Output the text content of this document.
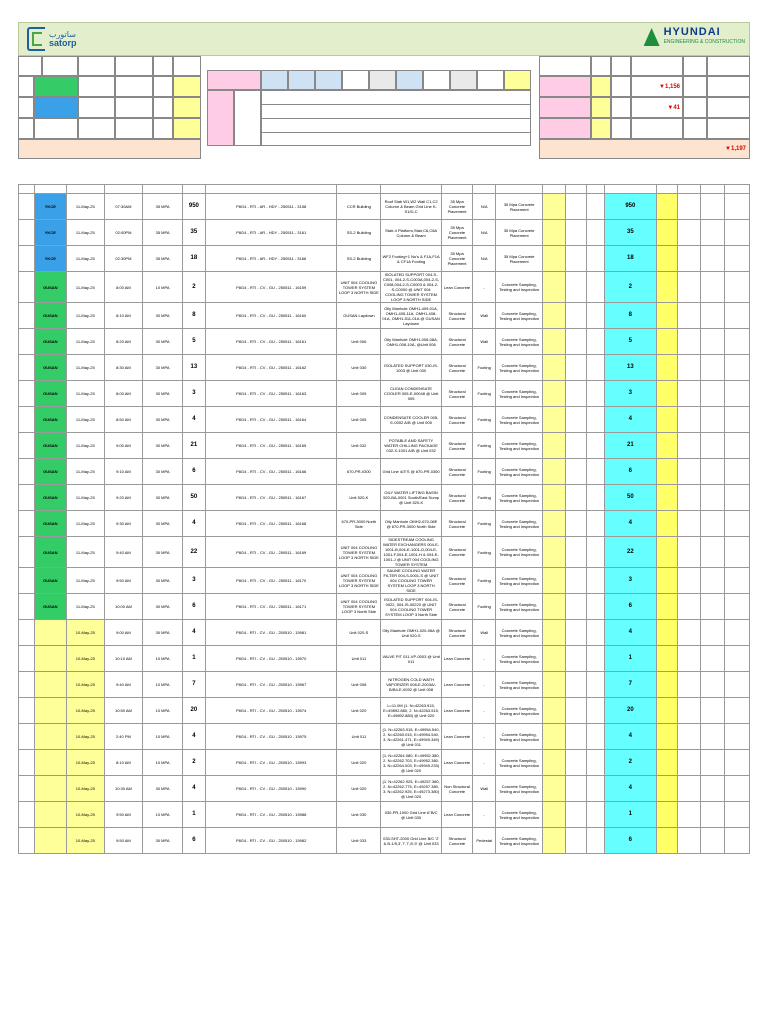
ساتورب
satorp
HYUNDAI
ENGINEERING & CONSTRUCTION
▼1,156
▼41
▼1,197

	YKCE	11-May-25	07:30AM	35 MPA	950	P8G4 - RTI - AR - HDY - 250511 - 3158	CCR Building	Roof Slab W1,W2 Wall C1,C2 Column & Beam Grid Line K-S1/D-C	35 Mpa Concrete Placement	N/A	35 Mpa Concrete Placement				950				
	YKCE	11-May-25	02:00PM	35 MPA	35	P8G4 - RTI - AR - HDY - 250511 - 3161	SS-2 Building	Stair-4 Platform,Stair,C6,C6A Column & Beam	35 Mpa Concrete Placement	N/A	35 Mpa Concrete Placement				35				
	YKCE	11-May-25	02:30PM	35 MPA	18	P8G4 - RTI - AR - HDY - 250511 - 3166	SS-2 Building	WF2 Footing+1 No's & F1A,F1A & CF1A Footing	35 Mpa Concrete Placement	N/A	35 Mpa Concrete Placement				18				
	GUSAN	11-May-25	8:00 AM	10 MPA	2	P8G4 - RTI - CV - GU - 250511 - 16159	UNIT 004 COOLING TOWER SYSTEM LOOP 3 NORTH SIDE	ISOLATED SUPPORT 004-S-C001, 004-2-S-C003A,004-2-S-C008,004-2-S-C0003 & 004-2-S-C0000 @ UNIT 004 COOLING TOWER SYSTEM LOOP 3 NORTH SIDE	Lean Concrete	-	Concrete Sampling, Testing and Inspection				2				
	GUSAN	11-May-25	8:10 AM	30 MPA	8	P8G4 - RTI - CV - GU - 250511 - 16160	GUSAN Laydown	Oily Manhole OMH1-409-01A, OMH1-405-11A, OMH1-408-01A, OMH1-511-01A @ GUSAN Laydown	Structural Concrete	Wall	Concrete Sampling, Testing and Inspection				8				
	GUSAN	11-May-25	8:20 AM	30 MPA	5	P8G4 - RTI - CV - GU - 250511 - 16161	Unit 006	Oily Manhole OMH1-006-08A, OMH1-006-10A, @Unit 006	Structural Concrete	Wall	Concrete Sampling, Testing and Inspection				5				
	GUSAN	11-May-25	8:30 AM	30 MPA	13	P8G4 - RTI - CV - GU - 250511 - 16162	Unit 030	ISOLATED SUPPORT 030-IS-1003 @ Unit 030	Structural Concrete	Footing	Concrete Sampling, Testing and Inspection				13				
	GUSAN	11-May-25	8:00 AM	30 MPA	3	P8G4 - RTI - CV - GU - 250511 - 16163	Unit 005	CLEAN CONDENSATE COOLER 005-E-00048 @ Unit 005	Structural Concrete	Footing	Concrete Sampling, Testing and Inspection				3				
	GUSAN	11-May-25	8:50 AM	30 MPA	4	P8G4 - RTI - CV - GU - 250511 - 16164	Unit 005	CONDENSATE COOLER 005-E-0002 A/B @ Unit 005	Structural Concrete	Footing	Concrete Sampling, Testing and Inspection				4				
	GUSAN	11-May-25	9:00 AM	30 MPA	21	P8G4 - RTI - CV - GU - 250511 - 16165	Unit 032	POTABLE AND SAFETY WATER CHILLING PACKAGE 032-X-1001 A/B @ Unit 032	Structural Concrete	Footing	Concrete Sampling, Testing and Inspection				21				
	GUSAN	11-May-25	9:10 AM	30 MPA	6	P8G4 - RTI - CV - GU - 250511 - 16166	670-PR-0300	Grid Line 4/3"S @ 670-PR-0300	Structural Concrete	Footing	Concrete Sampling, Testing and Inspection				6				
	GUSAN	11-May-25	9:20 AM	30 MPA	50	P8G4 - RTI - CV - GU - 250511 - 16167	Unit 520-K	OILY WATER LIFTING BASIN 520-BA-0001 South/East Sump @ Unit 520-K	Structural Concrete	Footing	Concrete Sampling, Testing and Inspection				50				
	GUSAN	11-May-25	9:30 AM	30 MPA	4	P8G4 - RTI - CV - GU - 250511 - 16168	670-PR-3000 North Side	Oily Manhole OMH2-670-08E @ 670-PR-3000 North Side	Structural Concrete	Footing	Concrete Sampling, Testing and Inspection				4				
	GUSAN	11-May-25	9:40 AM	30 MPA	22	P8G4 - RTI - CV - GU - 250511 - 16169	UNIT 004 COOLING TOWER SYSTEM LOOP 3 NORTH SIDE	SIDESTREAM COOLING WATER EXCHANGERS 004-E-1001-B,004-E-1001-D,004-E-1001-F,004-E-1001-H & 004-E-1001-J @ UNIT 004 COOLING TOWER SYSTEM	Structural Concrete	Footing	Concrete Sampling, Testing and Inspection				22				
	GUSAN	11-May-25	9:50 AM	30 MPA	3	P8G4 - RTI - CV - GU - 250511 - 16170	UNIT 004 COOLING TOWER SYSTEM LOOP 3 NORTH SIDE	SAUNE COOLING WATER FILTER 004-S-0001-S @ UNIT 004 COOLING TOWER SYSTEM LOOP 3 NORTH SIDE	Structural Concrete	Footing	Concrete Sampling, Testing and Inspection				3				
	GUSAN	11-May-25	10:00 AM	30 MPA	6	P8G4 - RTI - CV - GU - 250511 - 16171	UNIT 004 COOLING TOWER SYSTEM LOOP 3 North Side	ISOLATED SUPPORT 004-IS-0022, 004-IS-00220 @ UNIT 004 COOLING TOWER SYSTEM LOOP 3 North Side	Structural Concrete	Footing	Concrete Sampling, Testing and Inspection				6				
		10-May-25	9:00 AM	30 MPA	4	P8G4 - RTI - CV - GU - 250510 - 15981	Unit 020-S	Oily Manhole OMH1-020-06A @ Unit 020-S	Structural Concrete	Wall	Concrete Sampling, Testing and Inspection				4				
		10-May-25	10:10 AM	10 MPA	1	P8G4 - RTI - CV - GU - 250510 - 15970	Unit 011	VALVE PIT 011-VP-0003 @ Unit 011	Lean Concrete	-	Concrete Sampling, Testing and Inspection				1				
		10-May-25	9:40 AM	10 MPA	7	P8G4 - RTI - CV - GU - 250510 - 15967	Unit 008	NITROGEN COLD WATH VAPORIZER 008-E-2003A/-B/B4-E-0092 @ Unit 008	Lean Concrete	-	Concrete Sampling, Testing and Inspection				7				
		10-May-25	10:50 AM	10 MPA	20	P8G4 - RTI - CV - GU - 250510 - 15974	Unit 020	L=11.0M (1. N=42263.915, E=49892.880, 2. N=42263.515, E=49892.880) @ Unit 020	Lean Concrete	-	Concrete Sampling, Testing and Inspection				20				
		10-May-25	2:40 PM	10 MPA	4	P8G4 - RTI - CV - GU - 250510 - 15975	Unit 011	(1. N=42263.915, E=49954.540, 2. N=42260.015, E=49954.540, 3. N=42261.471, E=49949.349) @ Unit 011	Lean Concrete	-	Concrete Sampling, Testing and Inspection				4				
		10-May-25	8:10 AM	10 MPA	2	P8G4 - RTI - CV - GU - 250510 - 15993	Unit 020	(1. N=42264.080, E=49952.380, 2. N=42262.703, E=49952.380, 3. N=42264.003, E=49949.233) @ Unit 020	Lean Concrete	-	Concrete Sampling, Testing and Inspection				2				
		10-May-25	10:30 AM	30 MPA	4	P8G4 - RTI - CV - GU - 250510 - 15990	Unit 020	(1. N=42262.925, E=49257.380, 2. N=42262.775, E=49257.380, 3. N=42262.925, E=49273.380) @ Unit 020	Non Structural Concrete	Wall	Concrete Sampling, Testing and Inspection				4				
		10-May-25	9:50 AM	10 MPA	1	P8G4 - RTI - CV - GU - 250510 - 15988	Unit 030	030-PR-1000 Grid Line A"B/C @ Unit 030	Lean Concrete	-	Concrete Sampling, Testing and Inspection				1				
		10-May-25	9:50 AM	30 MPA	6	P8G4 - RTI - CV - GU - 250510 - 15982	Unit 033	033-SHT-2000 Grid Line B/C '2' & B-1/5,3',7',7',8',9' @ Unit 033	Structural Concrete	Pedestal	Concrete Sampling, Testing and Inspection				6				
